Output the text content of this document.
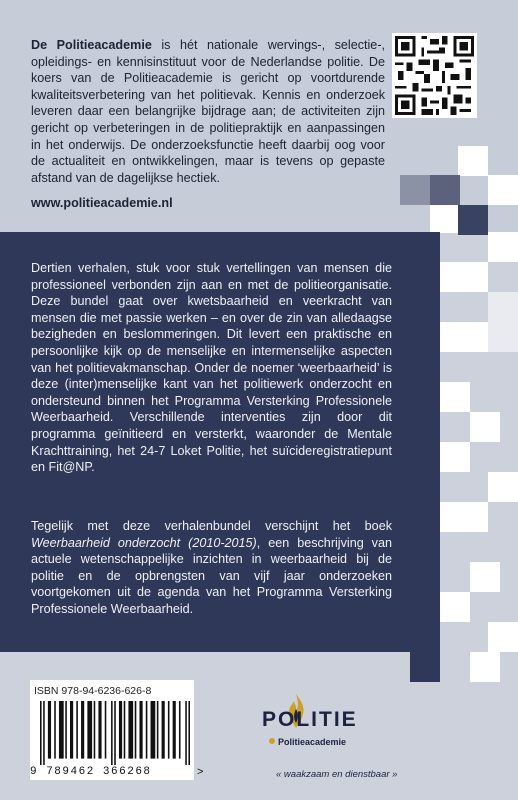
De Politieacademie is hét nationale wervings-, selectie-, opleidings- en kennisinstituut voor de Nederlandse politie. De koers van de Politieacademie is gericht op voortdurende kwaliteitsverbetering van het politievak. Kennis en onderzoek leveren daar een belangrijke bijdrage aan; de activiteiten zijn gericht op verbeteringen in de politiepraktijk en aanpassingen in het onderwijs. De onderzoeksfunctie heeft daarbij oog voor de actualiteit en ontwikkelingen, maar is tevens op gepaste afstand van de dagelijkse hectiek.

www.politieacademie.nl

Dertien verhalen, stuk voor stuk vertellingen van mensen die professioneel verbonden zijn aan en met de politieorganisatie. Deze bundel gaat over kwetsbaarheid en veerkracht van mensen die met passie werken – en over de zin van alledaagse bezigheden en beslommeringen. Dit levert een praktische en persoonlijke kijk op de menselijke en intermenselijke aspecten van het politievakmanschap. Onder de noemer ‘weerbaarheid’ is deze (inter)menselijke kant van het politiewerk onderzocht en ondersteund binnen het Programma Versterking Professionele Weerbaarheid. Verschillende interventies zijn door dit programma geïnitieerd en versterkt, waaronder de Mentale Krachttraining, het 24-7 Loket Politie, het suïcideregistratiepunt en Fit@NP.

Tegelijk met deze verhalenbundel verschijnt het boek Weerbaarheid onderzocht (2010-2015), een beschrijving van actuele wetenschappelijke inzichten in weerbaarheid bij de politie en de opbrengsten van vijf jaar onderzoeken voortgekomen uit de agenda van het Programma Versterking Professionele Weerbaarheid.

ISBN 978-94-6236-626-8
9 789462 366268	>
POLITIE
Politieacademie
« waakzaam en dienstbaar »
